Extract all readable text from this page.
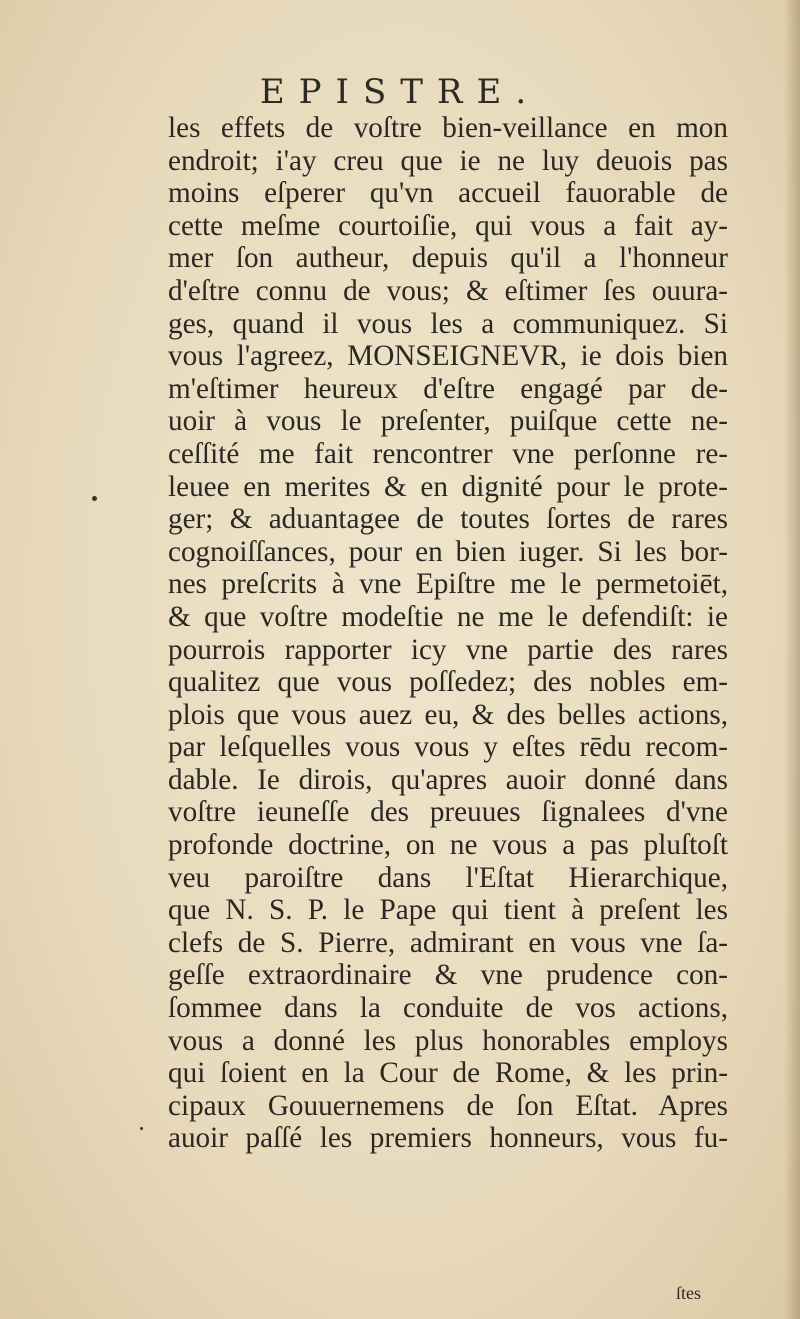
EPISTRE.
les effets de voſtre bien-veillance en mon
endroit; i'ay creu que ie ne luy deuois pas
moins eſperer qu'vn accueil fauorable de
cette meſme courtoiſie, qui vous a fait ay-
mer ſon autheur, depuis qu'il a l'honneur
d'eſtre connu de vous; & eſtimer ſes ouura-
ges, quand il vous les a communiquez. Si
vous l'agreez, MONSEIGNEVR, ie dois bien
m'eſtimer heureux d'eſtre engagé par de-
uoir à vous le preſenter, puiſque cette ne-
ceſſité me fait rencontrer vne perſonne re-
leuee en merites & en dignité pour le prote-
ger; & aduantagee de toutes ſortes de rares
cognoiſſances, pour en bien iuger. Si les bor-
nes preſcrits à vne Epiſtre me le permetoiēt,
& que voſtre modeſtie ne me le defendiſt: ie
pourrois rapporter icy vne partie des rares
qualitez que vous poſſedez; des nobles em-
plois que vous auez eu, & des belles actions,
par leſquelles vous vous y eſtes rēdu recom-
dable. Ie dirois, qu'apres auoir donné dans
voſtre ieuneſſe des preuues ſignalees d'vne
profonde doctrine, on ne vous a pas pluſtoſt
veu paroiſtre dans l'Eſtat Hierarchique,
que N. S. P. le Pape qui tient à preſent les
clefs de S. Pierre, admirant en vous vne ſa-
geſſe extraordinaire & vne prudence con-
ſommee dans la conduite de vos actions,
vous a donné les plus honorables employs
qui ſoient en la Cour de Rome, & les prin-
cipaux Gouuernemens de ſon Eſtat. Apres
auoir paſſé les premiers honneurs, vous fu-
ſtes
